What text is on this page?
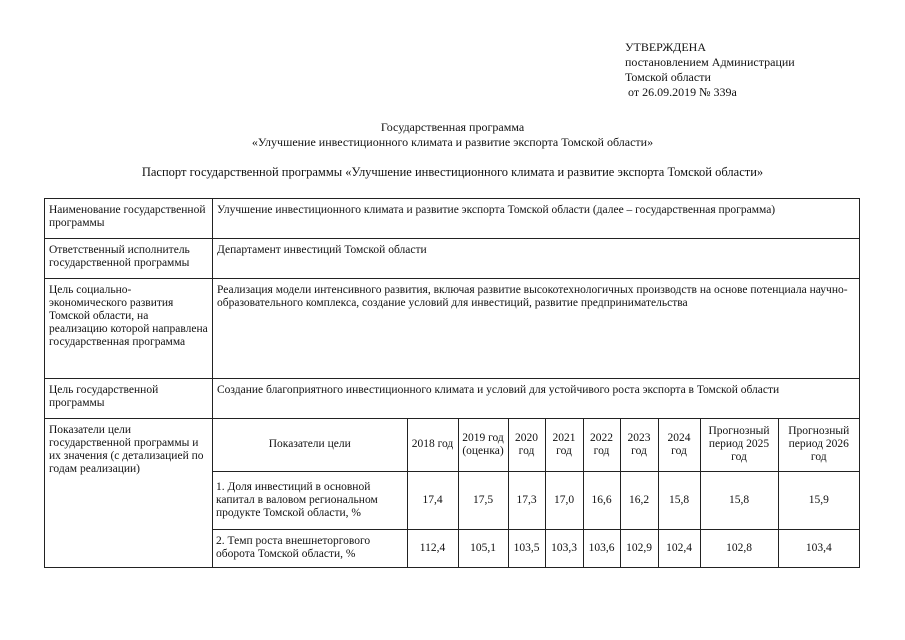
УТВЕРЖДЕНА
постановлением Администрации
Томской области
от 26.09.2019 № 339а
Государственная программа
«Улучшение инвестиционного климата и развитие экспорта Томской области»
Паспорт государственной программы «Улучшение инвестиционного климата и развитие экспорта Томской области»
Наименование государственной программы	Улучшение инвестиционного климата и развитие экспорта Томской области (далее – государственная программа)
Ответственный исполнитель государственной программы	Департамент инвестиций Томской области
Цель социально-экономического развития Томской области, на реализацию которой направлена государственная программа	Реализация модели интенсивного развития, включая развитие высокотехнологичных производств на основе потенциала научно-образовательного комплекса, создание условий для инвестиций, развитие предпринимательства
Цель государственной программы	Создание благоприятного инвестиционного климата и условий для устойчивого роста экспорта в Томской области
Показатели цели государственной программы и их значения (с детализацией по годам реализации)	
Показатели цели	2018 год	2019 год (оценка)	2020 год	2021 год	2022 год	2023 год	2024 год	Прогнозный период 2025 год	Прогнозный период 2026 год
1. Доля инвестиций в основной капитал в валовом региональном продукте Томской области, %	17,4	17,5	17,3	17,0	16,6	16,2	15,8	15,8	15,9
2. Темп роста внешнеторгового оборота Томской области, %	112,4	105,1	103,5	103,3	103,6	102,9	102,4	102,8	103,4
